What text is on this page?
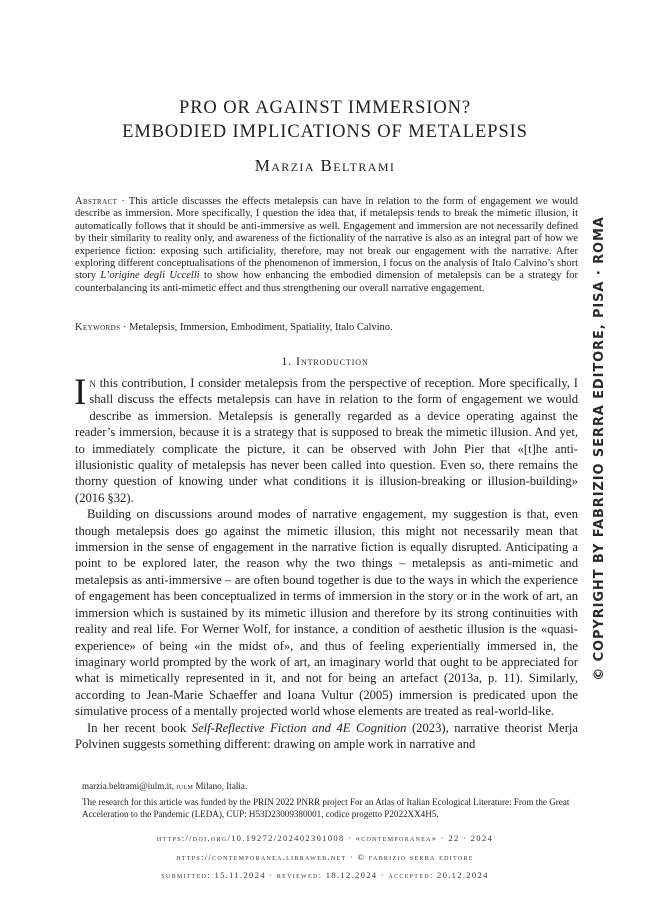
PRO OR AGAINST IMMERSION?
EMBODIED IMPLICATIONS OF METALEPSIS
Marzia Beltrami
Abstract · This article discusses the effects metalepsis can have in relation to the form of engagement we would describe as immersion. More specifically, I question the idea that, if metalepsis tends to break the mimetic illusion, it automatically follows that it should be anti-immersive as well. Engagement and immersion are not necessarily defined by their similarity to reality only, and awareness of the fictionality of the narrative is also as an integral part of how we experience fiction: exposing such artificiality, therefore, may not break our engagement with the narrative. After exploring different conceptualisations of the phenomenon of immersion, I focus on the analysis of Italo Calvino’s short story L’origine degli Uccelli to show how enhancing the embodied dimension of metalepsis can be a strategy for counterbalancing its anti-mimetic effect and thus strengthening our overall narrative engagement.
Keywords · Metalepsis, Immersion, Embodiment, Spatiality, Italo Calvino.
1. Introduction

In this contribution, I consider metalepsis from the perspective of reception. More specifically, I shall discuss the effects metalepsis can have in relation to the form of engagement we would describe as immersion. Metalepsis is generally regarded as a device operating against the reader’s immersion, because it is a strategy that is supposed to break the mimetic illusion. And yet, to immediately complicate the picture, it can be observed with John Pier that «[t]he anti-illusionistic quality of metalepsis has never been called into question. Even so, there remains the thorny question of knowing under what conditions it is illusion-breaking or illusion-building» (2016 §32).

Building on discussions around modes of narrative engagement, my suggestion is that, even though metalepsis does go against the mimetic illusion, this might not necessarily mean that immersion in the sense of engagement in the narrative fiction is equally disrupted. Anticipating a point to be explored later, the reason why the two things – metalepsis as anti-mimetic and metalepsis as anti-immersive – are often bound together is due to the ways in which the experience of engagement has been conceptualized in terms of immersion in the story or in the work of art, an immersion which is sustained by its mimetic illusion and therefore by its strong continuities with reality and real life. For Werner Wolf, for instance, a condition of aesthetic illusion is the «quasi-experience» of being «in the midst of», and thus of feeling experientially immersed in, the imaginary world prompted by the work of art, an imaginary world that ought to be appreciated for what is mimetically represented in it, and not for being an artefact (2013a, p. 11). Similarly, according to Jean-Marie Schaeffer and Ioana Vultur (2005) immersion is predicated upon the simulative process of a mentally projected world whose elements are treated as real-world-like.

In her recent book Self-Reflective Fiction and 4E Cognition (2023), narrative theorist Merja Polvinen suggests something different: drawing on ample work in narrative and

marzia.beltrami@iulm.it, iulm Milano, Italia.

The research for this article was funded by the PRIN 2022 PNRR project For an Atlas of Italian Ecological Literature: From the Great Acceleration to the Pandemic (LEDA), CUP: H53D23009380001, codice progetto P2022XX4H5.

https://doi.org/10.19272/202402301008 · «contemporanea» · 22 · 2024
https://contemporanea.libraweb.net · © fabrizio serra editore
submitted: 15.11.2024 · reviewed: 18.12.2024 · accepted: 20.12.2024
© COPYRIGHT BY FABRIZIO SERRA EDITORE, PISA · ROMA
